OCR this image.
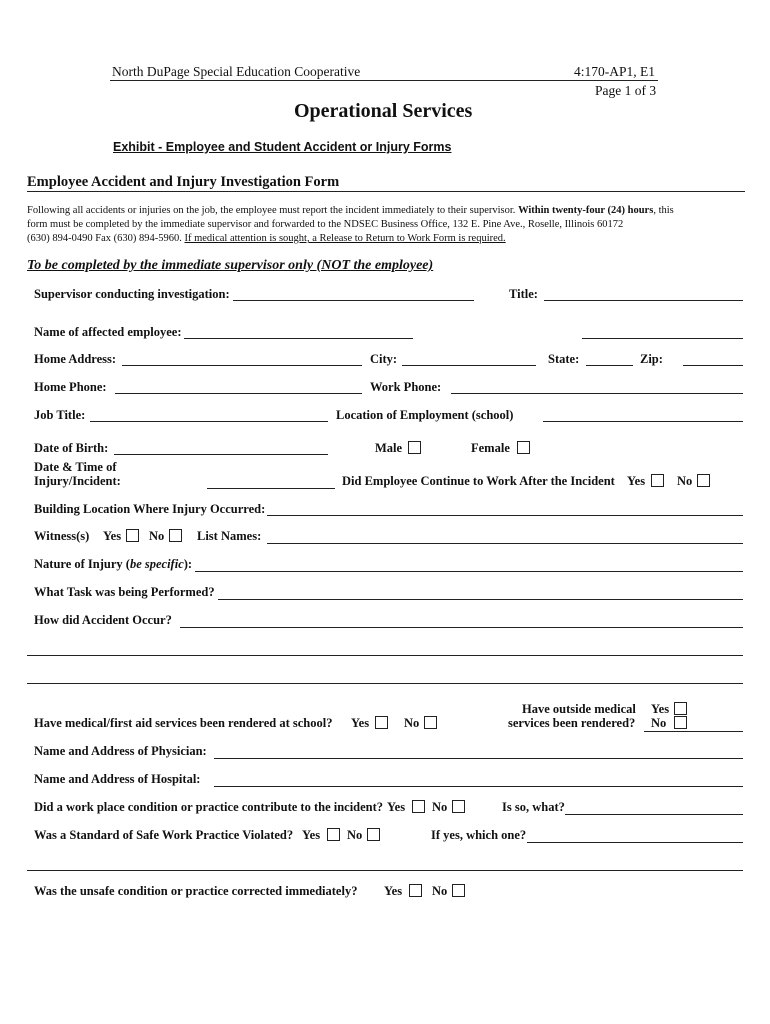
North DuPage Special Education Cooperative	4:170-AP1, E1
Page 1 of 3
Operational Services
Exhibit - Employee and Student Accident or Injury Forms
Employee Accident and Injury Investigation Form
Following all accidents or injuries on the job, the employee must report the incident immediately to their supervisor. Within twenty-four (24) hours, this
form must be completed by the immediate supervisor and forwarded to the NDSEC Business Office, 132 E. Pine Ave., Roselle, Illinois 60172
(630) 894-0490 Fax (630) 894-5960. If medical attention is sought, a Release to Return to Work Form is required.
To be completed by the immediate supervisor only (NOT the employee)
Supervisor conducting investigation:	Title:
Name of affected employee:
Home Address:	City:	State:	Zip:
Home Phone:	Work Phone:
Job Title:	Location of Employment (school)
Date of Birth:	Male	Female
Date & Time of
Injury/Incident:	Did Employee Continue to Work After the Incident Yes	No
Building Location Where Injury Occurred:
Witness(s) Yes No	List Names:
Nature of Injury (be specific):
What Task was being Performed?
How did Accident Occur?
Have outside medical Yes
services been rendered? No
Have medical/first aid services been rendered at school? Yes	No
Name and Address of Physician:
Name and Address of Hospital:
Did a work place condition or practice contribute to the incident? Yes No	Is so, what?
Was a Standard of Safe Work Practice Violated? Yes No	If yes, which one?
Was the unsafe condition or practice corrected immediately? Yes No
